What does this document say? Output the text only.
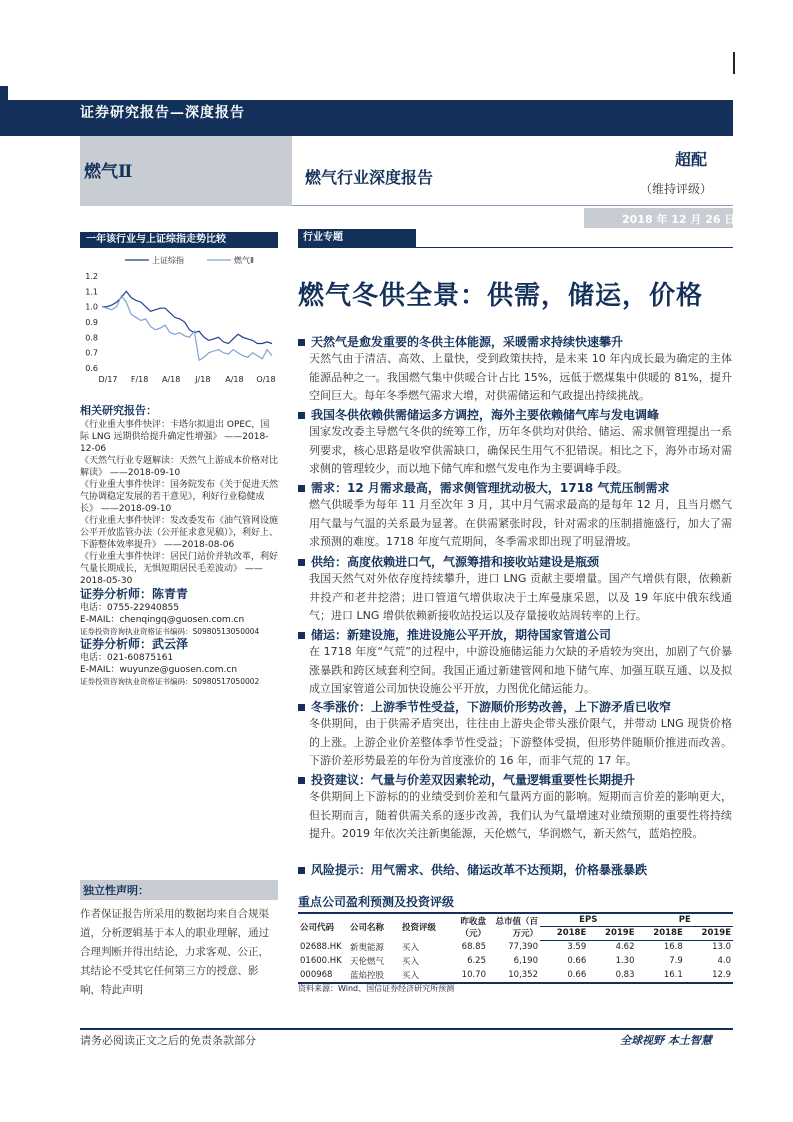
证券研究报告—深度报告
燃气Ⅱ	燃气行业深度报告
超配
（维持评级）
2018 年 12 月 26 日
一年该行业与上证综指走势比较
上证综指	燃气Ⅱ
1.2
1.1
1.0
0.9
0.8
0.7
0.6
D/17 F/18 A/18 J/18 A/18 O/18
相关研究报告：
《行业重大事件快评：卡塔尔拟退出 OPEC，国际 LNG 远期供给提升确定性增强》 ——2018-12-06
《天然气行业专题解读：天然气上游成本价格对比解读》 ——2018-09-10
《行业重大事件快评：国务院发布《关于促进天然气协调稳定发展的若干意见》，利好行业稳健成长》 ——2018-09-10
《行业重大事件快评：发改委发布《油气管网设施公平开放监管办法（公开征求意见稿）》，利好上、下游整体效率提升》 ——2018-08-06
《行业重大事件快评：居民门站价并轨改革，利好气量长期成长，无惧短期居民毛差波动》 ——2018-05-30
证券分析师：陈青青
电话：0755-22940855
E-MAIL：chenqingq@guosen.com.cn
证券投资咨询执业资格证书编码：S0980513050004
证券分析师：武云泽
电话：021-60875161
E-MAIL：wuyunze@guosen.com.cn
证券投资咨询执业资格证书编码：S0980517050002
独立性声明：
作者保证报告所采用的数据均来自合规渠道，分析逻辑基于本人的职业理解，通过合理判断并得出结论，力求客观、公正，其结论不受其它任何第三方的授意、影响，特此声明
行业专题
燃气冬供全景：供需，储运，价格
天然气是愈发重要的冬供主体能源，采暖需求持续快速攀升
天然气由于清洁、高效、上量快，受到政策扶持，是未来 10 年内成长最为确定的主体能源品种之一。我国燃气集中供暖合计占比 15%，远低于燃煤集中供暖的 81%，提升空间巨大。每年冬季燃气需求大增，对供需储运和气政提出持续挑战。
我国冬供依赖供需储运多方调控，海外主要依赖储气库与发电调峰
国家发改委主导燃气冬供的统筹工作，历年冬供均对供给、储运、需求侧管理提出一系列要求，核心思路是收窄供需缺口，确保民生用气不犯错误。相比之下，海外市场对需求侧的管理较少，而以地下储气库和燃气发电作为主要调峰手段。
需求：12 月需求最高，需求侧管理扰动极大，1718 气荒压制需求
燃气供暖季为每年 11 月至次年 3 月，其中月气需求最高的是每年 12 月，且当月燃气用气量与气温的关系最为显著。在供需紧张时段，针对需求的压制措施盛行，加大了需求预测的难度。1718 年度气荒期间，冬季需求即出现了明显滑坡。
供给：高度依赖进口气，气源筹措和接收站建设是瓶颈
我国天然气对外依存度持续攀升，进口 LNG 贡献主要增量。国产气增供有限，依赖新井投产和老井挖潜；进口管道气增供取决于土库曼康采恩，以及 19 年底中俄东线通气；进口 LNG 增供依赖新接收站投运以及存量接收站周转率的上行。
储运：新建设施，推进设施公平开放，期待国家管道公司
在 1718 年度“气荒”的过程中，中游设施储运能力欠缺的矛盾较为突出，加剧了气价暴涨暴跌和跨区域套利空间。我国正通过新建管网和地下储气库、加强互联互通、以及拟成立国家管道公司加快设施公平开放，力图优化储运能力。
冬季涨价：上游季节性受益，下游顺价形势改善，上下游矛盾已收窄
冬供期间，由于供需矛盾突出，往往由上游央企带头涨价限气，并带动 LNG 现货价格的上涨。上游企业价差整体季节性受益；下游整体受损，但形势伴随顺价推进而改善。下游价差形势最差的年份为首度涨价的 16 年，而非气荒的 17 年。
投资建议：气量与价差双因素轮动，气量逻辑重要性长期提升
冬供期间上下游标的的业绩受到价差和气量两方面的影响。短期而言价差的影响更大，但长期而言，随着供需关系的逐步改善，我们认为气量增速对业绩预期的重要性将持续提升。2019 年依次关注新奥能源，天伦燃气，华润燃气，新天然气，蓝焰控股。
风险提示：用气需求、供给、储运改革不达预期，价格暴涨暴跌
重点公司盈利预测及投资评级
公司代码	公司名称	投资评级	昨收盘（元）	总市值（百万元）	EPS		PE	
					2018E	2019E	2018E	2019E
02688.HK	新奥能源	买入	68.85	77,390	3.59	4.62	16.8	13.0
01600.HK	天伦燃气	买入	6.25	6,190	0.66	1.30	7.9	4.0
000968	蓝焰控股	买入	10.70	10,352	0.66	0.83	16.1	12.9
资料来源：Wind、国信证券经济研究所预测
请务必阅读正文之后的免责条款部分	全球视野 本土智慧
